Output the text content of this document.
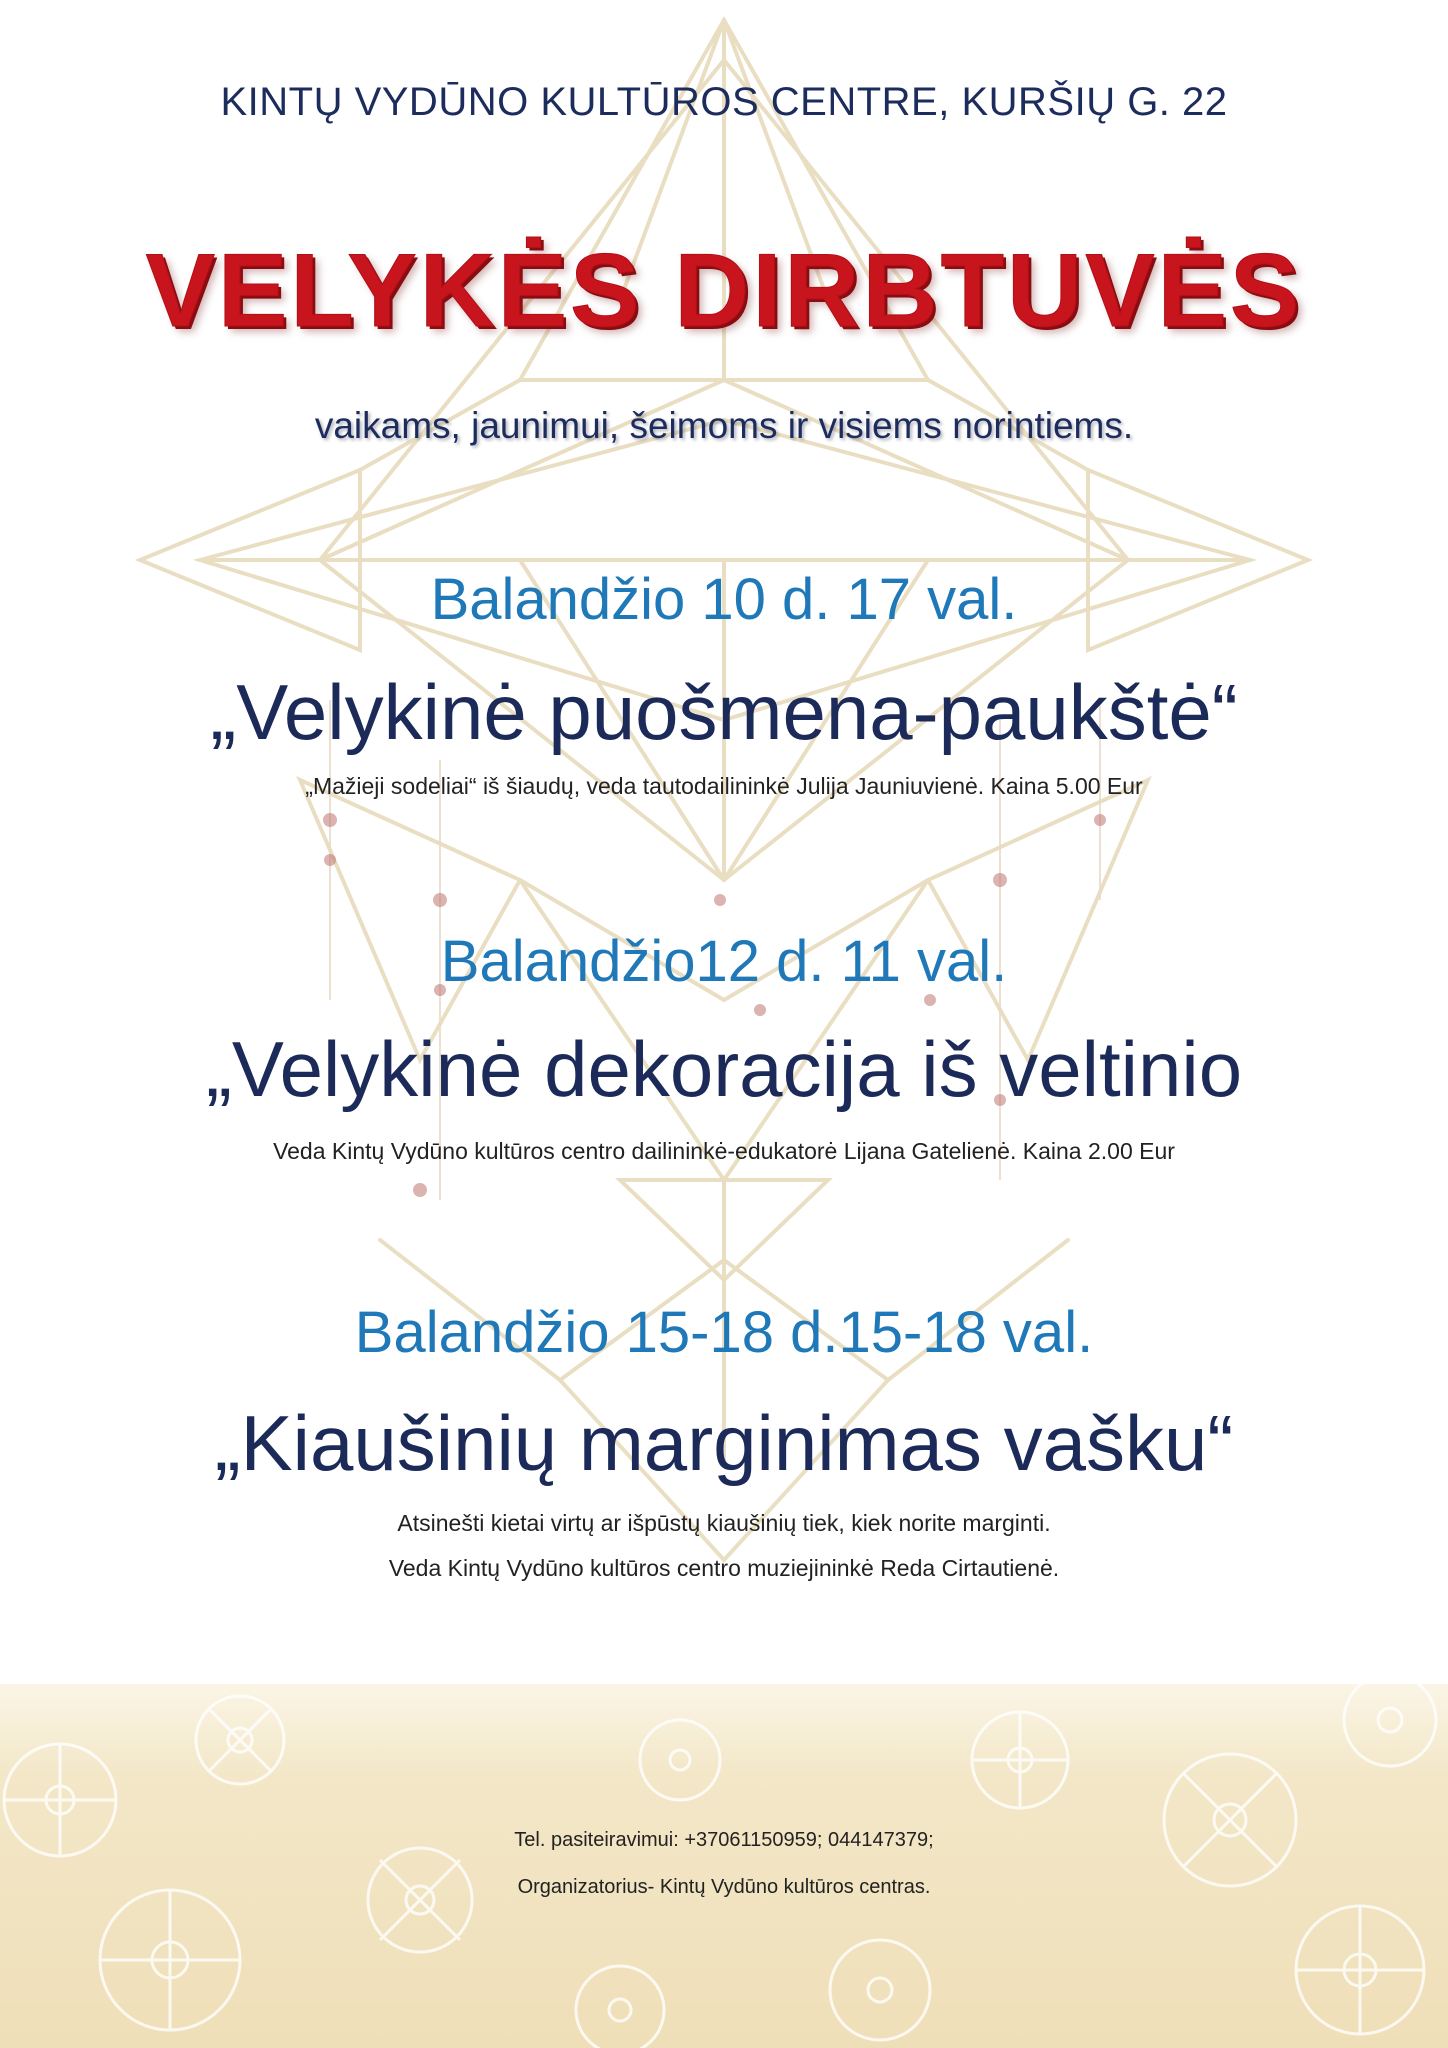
KINTŲ VYDŪNO KULTŪROS CENTRE, KURŠIŲ G. 22
VELYKĖS DIRBTUVĖS
vaikams, jaunimui, šeimoms ir visiems norintiems.
Balandžio 10 d. 17 val.
„Velykinė puošmena-paukštė“
„Mažieji sodeliai“ iš šiaudų, veda tautodailininkė Julija Jauniuvienė. Kaina 5.00 Eur
Balandžio12 d. 11 val.
„Velykinė dekoracija iš veltinio
Veda Kintų Vydūno kultūros centro dailininkė-edukatorė Lijana Gatelienė. Kaina 2.00 Eur
Balandžio 15-18 d.15-18 val.
„Kiaušinių marginimas vašku“
Atsinešti kietai virtų ar išpūstų kiaušinių tiek, kiek norite marginti.
Veda Kintų Vydūno kultūros centro muziejininkė Reda Cirtautienė.
Tel. pasiteiravimui: +37061150959; 044147379;
Organizatorius- Kintų Vydūno kultūros centras.
